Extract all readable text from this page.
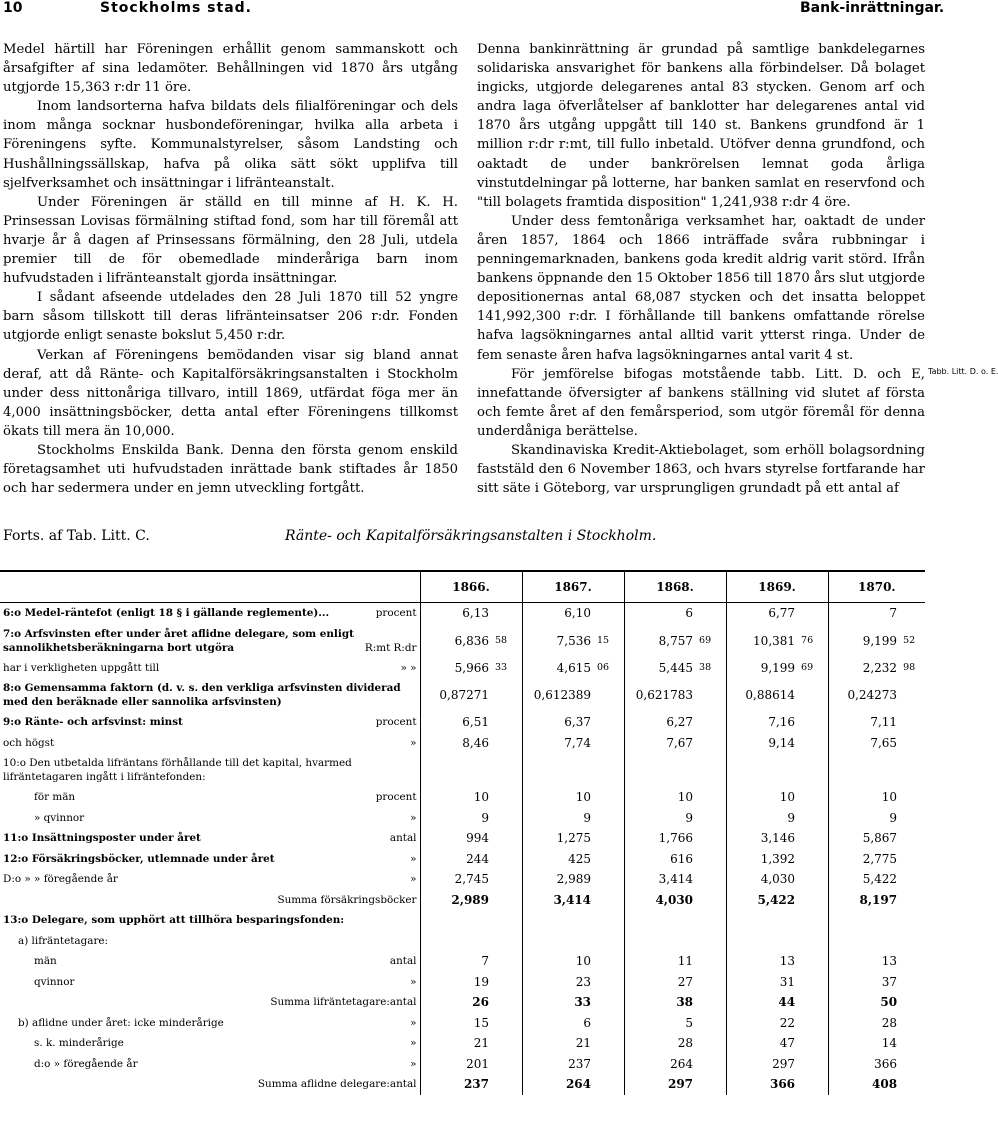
10	Stockholms stad.	Bank-inrättningar.

Medel härtill har Föreningen erhållit genom sammanskott och årsafgifter af sina ledamöter. Behållningen vid 1870 års utgång utgjorde 15,363 r:dr 11 öre.

Inom landsorterna hafva bildats dels filialföreningar och dels inom många socknar husbondeföreningar, hvilka alla arbeta i Föreningens syfte. Kommunalstyrelser, såsom Landsting och Hushållningssällskap, hafva på olika sätt sökt upplifva till sjelfverksamhet och insättningar i lifränteanstalt.

Under Föreningen är ställd en till minne af H. K. H. Prinsessan Lovisas förmälning stiftad fond, som har till föremål att hvarje år å dagen af Prinsessans förmälning, den 28 Juli, utdela premier till de för obemedlade minderåriga barn inom hufvudstaden i lifränteanstalt gjorda insättningar.

I sådant afseende utdelades den 28 Juli 1870 till 52 yngre barn såsom tillskott till deras lifränteinsatser 206 r:dr. Fonden utgjorde enligt senaste bokslut 5,450 r:dr.

Verkan af Föreningens bemödanden visar sig bland annat deraf, att då Ränte- och Kapitalförsäkringsanstalten i Stockholm under dess nittonåriga tillvaro, intill 1869, utfärdat föga mer än 4,000 insättningsböcker, detta antal efter Föreningens tillkomst ökats till mera än 10,000.

Stockholms Enskilda Bank. Denna den första genom enskild företagsamhet uti hufvudstaden inrättade bank stiftades år 1850 och har sedermera under en jemn utveckling fortgått.

Denna bankinrättning är grundad på samtlige bankdelegarnes solidariska ansvarighet för bankens alla förbindelser. Då bolaget ingicks, utgjorde delegarenes antal 83 stycken. Genom arf och andra laga öfverlåtelser af banklotter har delegarenes antal vid 1870 års utgång uppgått till 140 st. Bankens grundfond är 1 million r:dr r:mt, till fullo inbetald. Utöfver denna grundfond, och oaktadt de under bankrörelsen lemnat goda årliga vinstutdelningar på lotterne, har banken samlat en reservfond och "till bolagets framtida disposition" 1,241,938 r:dr 4 öre.

Under dess femtonåriga verksamhet har, oaktadt de under åren 1857, 1864 och 1866 inträffade svåra rubbningar i penningemarknaden, bankens goda kredit aldrig varit störd. Ifrån bankens öppnande den 15 Oktober 1856 till 1870 års slut utgjorde depositionernas antal 68,087 stycken och det insatta beloppet 141,992,300 r:dr. I förhållande till bankens omfattande rörelse hafva lagsökningarnes antal alltid varit ytterst ringa. Under de fem senaste åren hafva lagsökningarnes antal varit 4 st.

För jemförelse bifogas motstående tabb. Litt. D. och E, innefattande öfversigter af bankens ställning vid slutet af första och femte året af den femårsperiod, som utgör föremål för denna underdåniga berättelse.

Skandinaviska Kredit-Aktiebolaget, som erhöll bolagsordning faststäld den 6 November 1863, och hvars styrelse fortfarande har sitt säte i Göteborg, var ursprungligen grundadt på ett antal af

Tabb. Litt. D. o. E.
Forts. af Tab. Litt. C.	Ränte- och Kapitalförsäkringsanstalten i Stockholm.
	1866.		1867.		1868.		1869.		1870.	
6:o Medel-räntefot (enligt 18 § i gällande reglemente)... procent	6,13		6,10		6		6,77		7	
7:o Arfsvinsten efter under året aflidne delegare, som enligt sannolikhetsberäkningarna bort utgöra R:mt R:dr	6,836	58	7,536	15	8,757	69	10,381	76	9,199	52
har i verkligheten uppgått till » »	5,966	33	4,615	06	5,445	38	9,199	69	2,232	98
8:o Gemensamma faktorn (d. v. s. den verkliga arfsvinsten dividerad med den beräknade eller sannolika arfsvinsten)	0,87271		0,612389		0,621783		0,88614		0,24273	
9:o Ränte- och arfsvinst: minst procent	6,51		6,37		6,27		7,16		7,11	
och högst »	8,46		7,74		7,67		9,14		7,65	
10:o Den utbetalda lifräntans förhållande till det kapital, hvarmed lifräntetagaren ingått i lifräntefonden:										
för män procent	10		10		10		10		10	
» qvinnor »	9		9		9		9		9	
11:o Insättningsposter under året antal	994		1,275		1,766		3,146		5,867	
12:o Försäkringsböcker, utlemnade under året »	244		425		616		1,392		2,775	
D:o » » föregående år »	2,745		2,989		3,414		4,030		5,422	
Summa försäkringsböcker	2,989		3,414		4,030		5,422		8,197	
13:o Delegare, som upphört att tillhöra besparingsfonden:										
a) lifräntetagare:										
män antal	7		10		11		13		13	
qvinnor »	19		23		27		31		37	
Summa lifräntetagare: antal	26		33		38		44		50	
b) aflidne under året: icke minderårige »	15		6		5		22		28	
s. k. minderårige »	21		21		28		47		14	
d:o » föregående år »	201		237		264		297		366	
Summa aflidne delegare: antal	237		264		297		366		408	
